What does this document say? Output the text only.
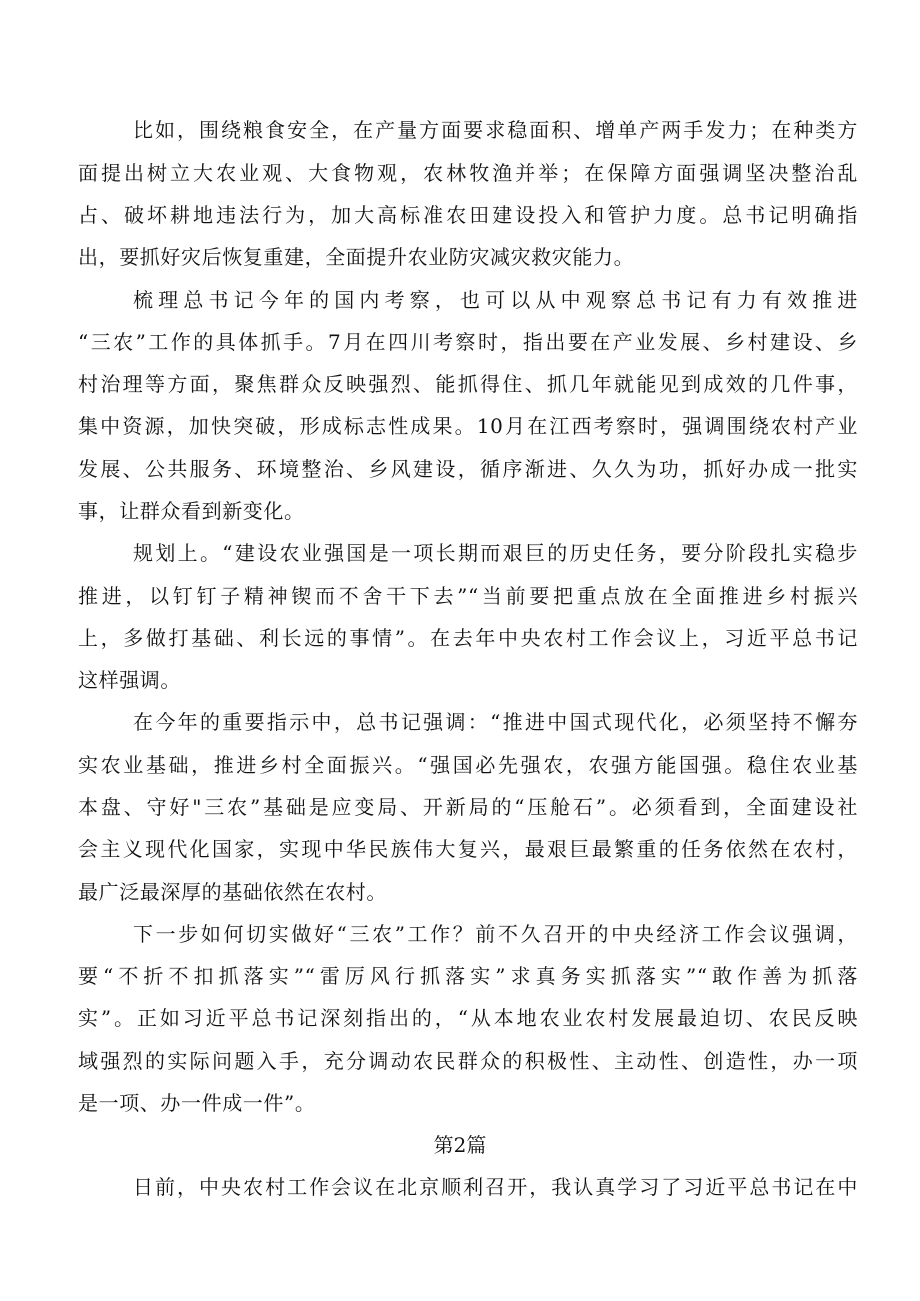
比如，围绕粮食安全，在产量方面要求稳面积、增单产两手发力；在种类方
面提出树立大农业观、大食物观，农林牧渔并举；在保障方面强调坚决整治乱
占、破坏耕地违法行为，加大高标准农田建设投入和管护力度。总书记明确指
出，要抓好灾后恢复重建，全面提升农业防灾减灾救灾能力。
梳理总书记今年的国内考察，也可以从中观察总书记有力有效推进
“三农”工作的具体抓手。7月在四川考察时，指出要在产业发展、乡村建设、乡
村治理等方面，聚焦群众反映强烈、能抓得住、抓几年就能见到成效的几件事，
集中资源，加快突破，形成标志性成果。10月在江西考察时，强调围绕农村产业
发展、公共服务、环境整治、乡风建设，循序渐进、久久为功，抓好办成一批实
事，让群众看到新变化。
规划上。“建设农业强国是一项长期而艰巨的历史任务，要分阶段扎实稳步
推进，以钉钉子精神锲而不舍干下去”“当前要把重点放在全面推进乡村振兴
上，多做打基础、利长远的事情”。在去年中央农村工作会议上，习近平总书记
这样强调。
在今年的重要指示中，总书记强调：“推进中国式现代化，必须坚持不懈夯
实农业基础，推进乡村全面振兴。“强国必先强农，农强方能国强。稳住农业基
本盘、守好"三农”基础是应变局、开新局的“压舱石”。必须看到，全面建设社
会主义现代化国家，实现中华民族伟大复兴，最艰巨最繁重的任务依然在农村，
最广泛最深厚的基础依然在农村。
下一步如何切实做好“三农”工作？前不久召开的中央经济工作会议强调，
要“不折不扣抓落实”“雷厉风行抓落实”求真务实抓落实”“敢作善为抓落
实”。正如习近平总书记深刻指出的，“从本地农业农村发展最迫切、农民反映
域强烈的实际问题入手，充分调动农民群众的积极性、主动性、创造性，办一项
是一项、办一件成一件”。
第2篇
日前，中央农村工作会议在北京顺利召开，我认真学习了习近平总书记在中
